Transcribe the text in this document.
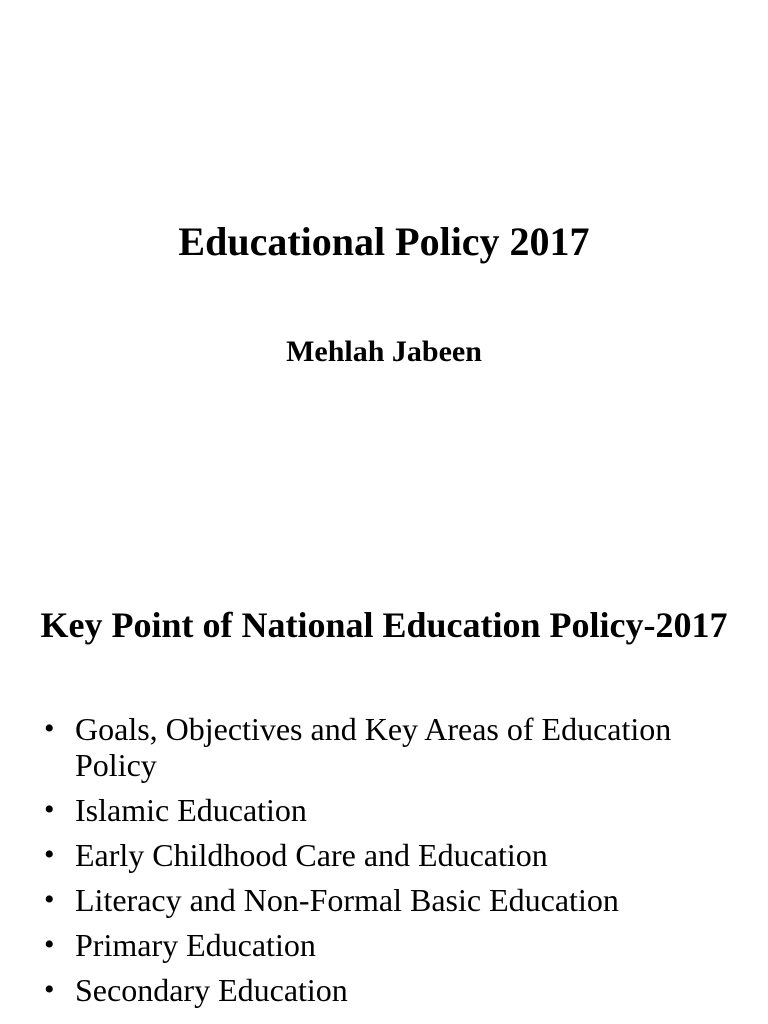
Educational Policy 2017
Mehlah Jabeen
Key Point of National Education Policy-2017
• Goals, Objectives and Key Areas of Education Policy
• Islamic Education
• Early Childhood Care and Education
• Literacy and Non-Formal Basic Education
• Primary Education
• Secondary Education
